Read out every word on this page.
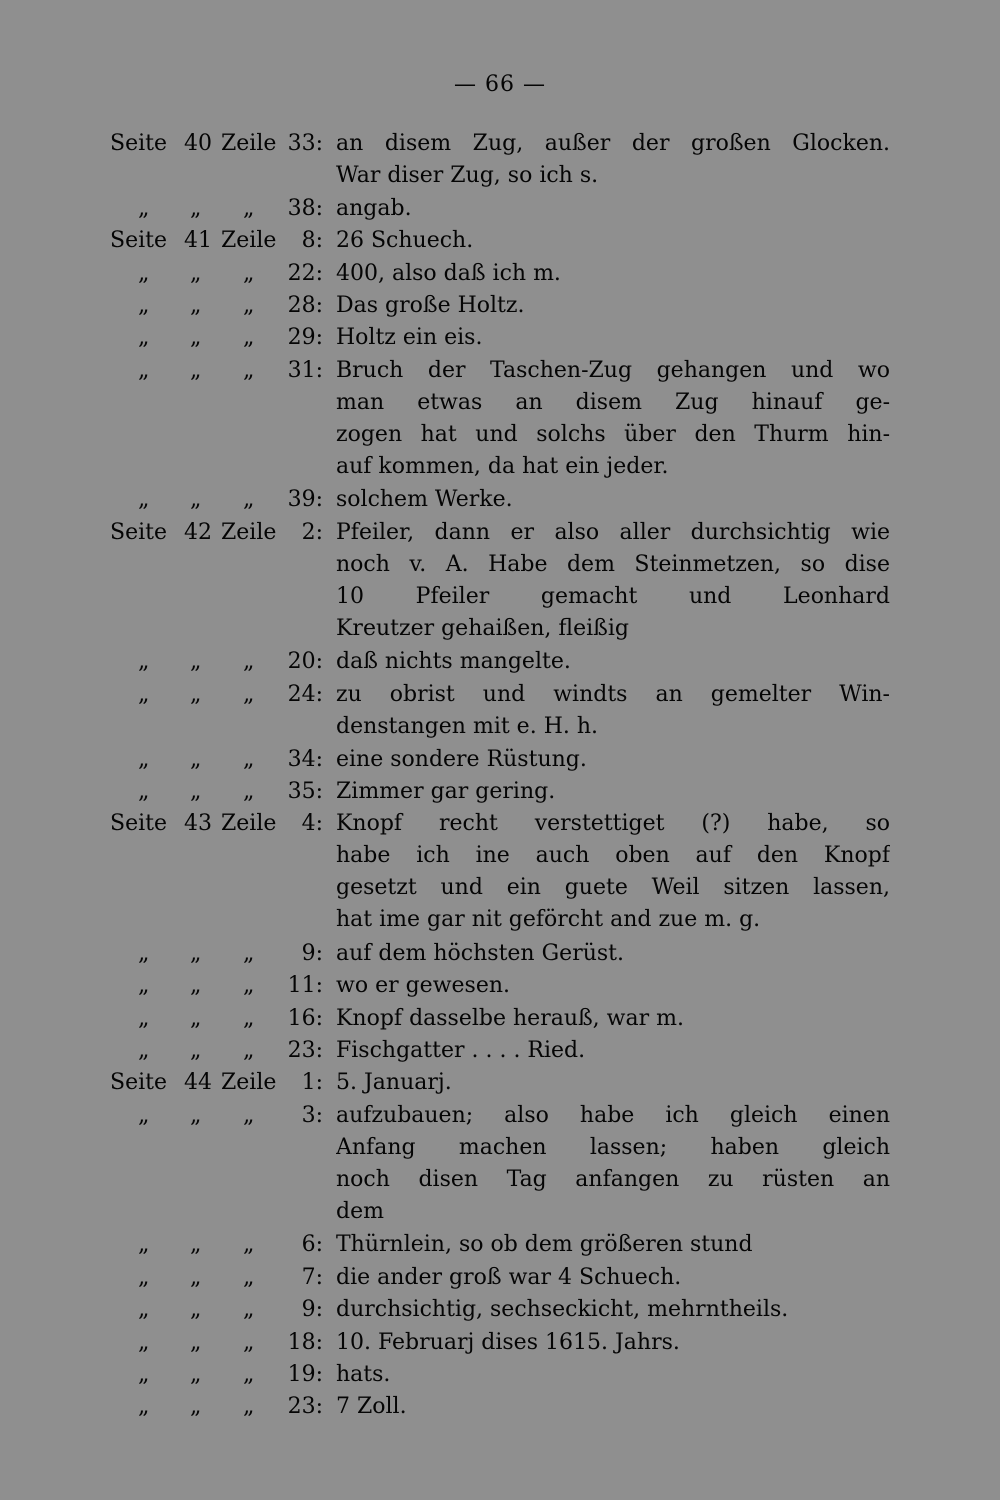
— 66 —
Seite 40 Zeile 33: an disem Zug, außer der großen Glocken.
War diser Zug, so ich s.
„ „ „	38: angab.
Seite 41 Zeile	8: 26 Schuech.
„ „ „	22: 400, also daß ich m.
„ „ „	28: Das große Holtz.
„ „ „	29: Holtz ein eis.
„ „ „	31: Bruch der Taschen-Zug gehangen und wo
man etwas an disem Zug hinauf ge-
zogen hat und solchs über den Thurm hin-
auf kommen, da hat ein jeder.
„ „ „	39: solchem Werke.
Seite 42 Zeile	2: Pfeiler, dann er also aller durchsichtig wie
noch v. A. Habe dem Steinmetzen, so dise
10 Pfeiler gemacht und Leonhard
Kreutzer gehaißen, fleißig
„ „ „	20: daß nichts mangelte.
„ „ „	24: zu obrist und windts an gemelter Win-
denstangen mit e. H. h.
„ „ „	34: eine sondere Rüstung.
„ „ „	35: Zimmer gar gering.
Seite 43 Zeile	4: Knopf recht verstettiget (?) habe, so
habe ich ine auch oben auf den Knopf
gesetzt und ein guete Weil sitzen lassen,
hat ime gar nit geförcht and zue m. g.
„ „ „	9: auf dem höchsten Gerüst.
„ „ „	11: wo er gewesen.
„ „ „	16: Knopf dasselbe herauß, war m.
„ „ „	23: Fischgatter . . . . Ried.
Seite 44 Zeile	1: 5. Januarj.
„ „ „	3: aufzubauen; also habe ich gleich einen
Anfang machen lassen; haben gleich
noch disen Tag anfangen zu rüsten an
dem
„ „ „	6: Thürnlein, so ob dem größeren stund
„ „ „	7: die ander groß war 4 Schuech.
„ „ „	9: durchsichtig, sechseckicht, mehrntheils.
„ „ „	18: 10. Februarj dises 1615. Jahrs.
„ „ „	19: hats.
„ „ „	23: 7 Zoll.
